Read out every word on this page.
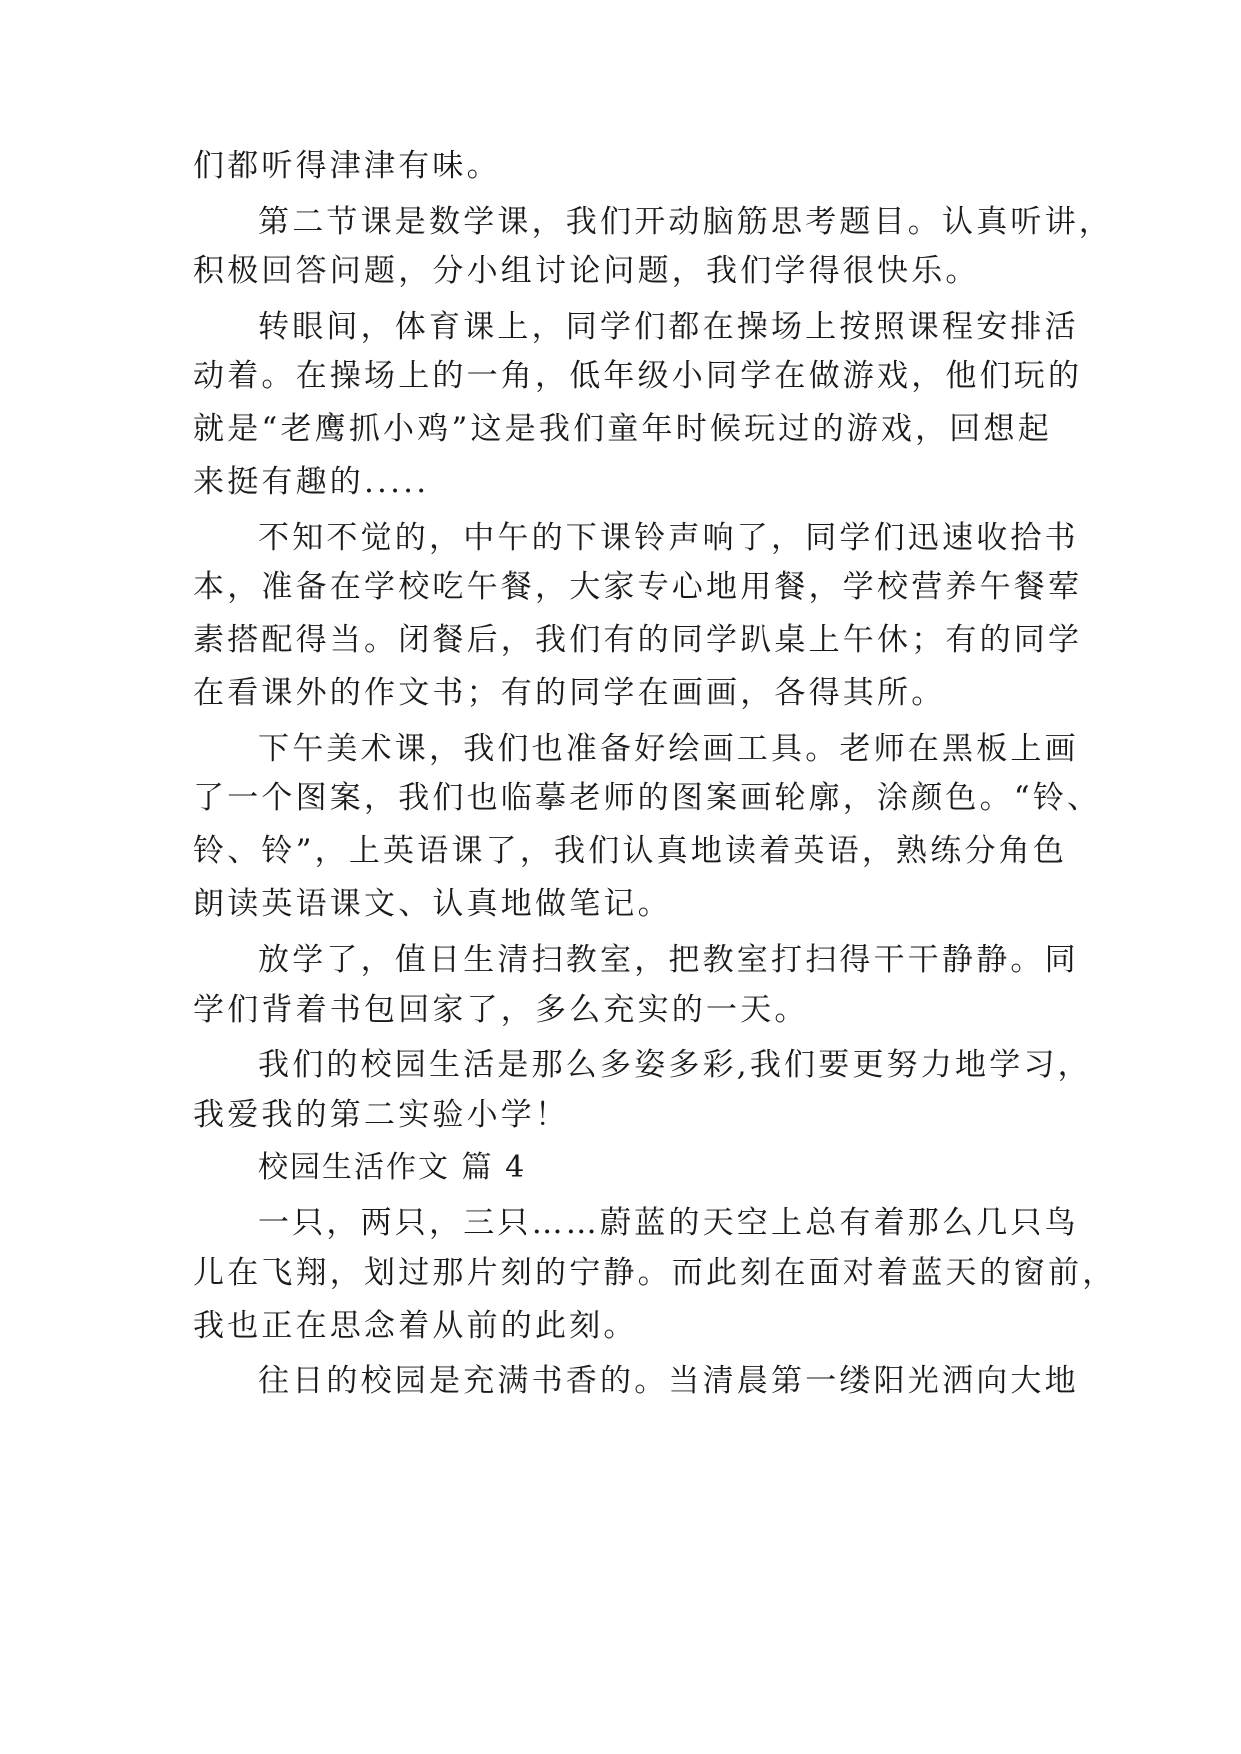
们都听得津津有味。
第二节课是数学课，我们开动脑筋思考题目。认真听讲，
积极回答问题，分小组讨论问题，我们学得很快乐。
转眼间，体育课上，同学们都在操场上按照课程安排活
动着。在操场上的一角，低年级小同学在做游戏，他们玩的
就是“老鹰抓小鸡”这是我们童年时候玩过的游戏，回想起
来挺有趣的.....
不知不觉的，中午的下课铃声响了，同学们迅速收拾书
本，准备在学校吃午餐，大家专心地用餐，学校营养午餐荤
素搭配得当。闭餐后，我们有的同学趴桌上午休；有的同学
在看课外的作文书；有的同学在画画，各得其所。
下午美术课，我们也准备好绘画工具。老师在黑板上画
了一个图案，我们也临摹老师的图案画轮廓，涂颜色。“铃、
铃、铃”，上英语课了，我们认真地读着英语，熟练分角色
朗读英语课文、认真地做笔记。
放学了，值日生清扫教室，把教室打扫得干干静静。同
学们背着书包回家了，多么充实的一天。
我们的校园生活是那么多姿多彩,我们要更努力地学习，
我爱我的第二实验小学！
校园生活作文 篇 4
一只，两只，三只……蔚蓝的天空上总有着那么几只鸟
儿在飞翔，划过那片刻的宁静。而此刻在面对着蓝天的窗前，
我也正在思念着从前的此刻。
往日的校园是充满书香的。当清晨第一缕阳光洒向大地
